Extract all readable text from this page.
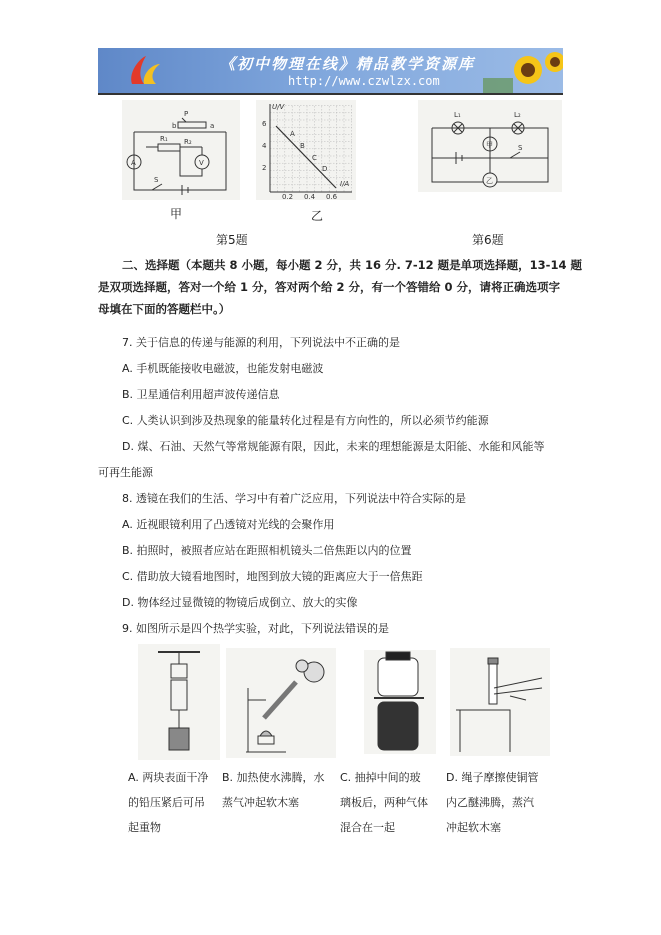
《初中物理在线》精品教学资源库
http://www.czwlzx.com
A	V
R₁ R₂
S
P
b	a
U/V
I/A
6
4
2
0.2 0.4 0.6
A
B
C
D
甲	乙
第5题
L₁	L₂
甲
乙
S
第6题
二、选择题（本题共 8 小题，每小题 2 分，共 16 分. 7-12 题是单项选择题，13-14 题
是双项选择题，答对一个给 1 分，答对两个给 2 分，有一个答错给 0 分，请将正确选项字
母填在下面的答题栏中。）
7. 关于信息的传递与能源的利用，下列说法中不正确的是
A. 手机既能接收电磁波，也能发射电磁波
B. 卫星通信利用超声波传递信息
C. 人类认识到涉及热现象的能量转化过程是有方向性的，所以必须节约能源
D. 煤、石油、天然气等常规能源有限，因此，未来的理想能源是太阳能、水能和风能等
可再生能源
8. 透镜在我们的生活、学习中有着广泛应用，下列说法中符合实际的是
A. 近视眼镜利用了凸透镜对光线的会聚作用
B. 拍照时，被照者应站在距照相机镜头二倍焦距以内的位置
C. 借助放大镜看地图时，地图到放大镜的距离应大于一倍焦距
D. 物体经过显微镜的物镜后成倒立、放大的实像
9. 如图所示是四个热学实验，对此，下列说法错误的是
A. 两块表面干净
的铅压紧后可吊
起重物
B. 加热使水沸腾，水
蒸气冲起软木塞
C. 抽掉中间的玻
璃板后，两种气体
混合在一起
D. 绳子摩擦使铜管
内乙醚沸腾，蒸汽
冲起软木塞
